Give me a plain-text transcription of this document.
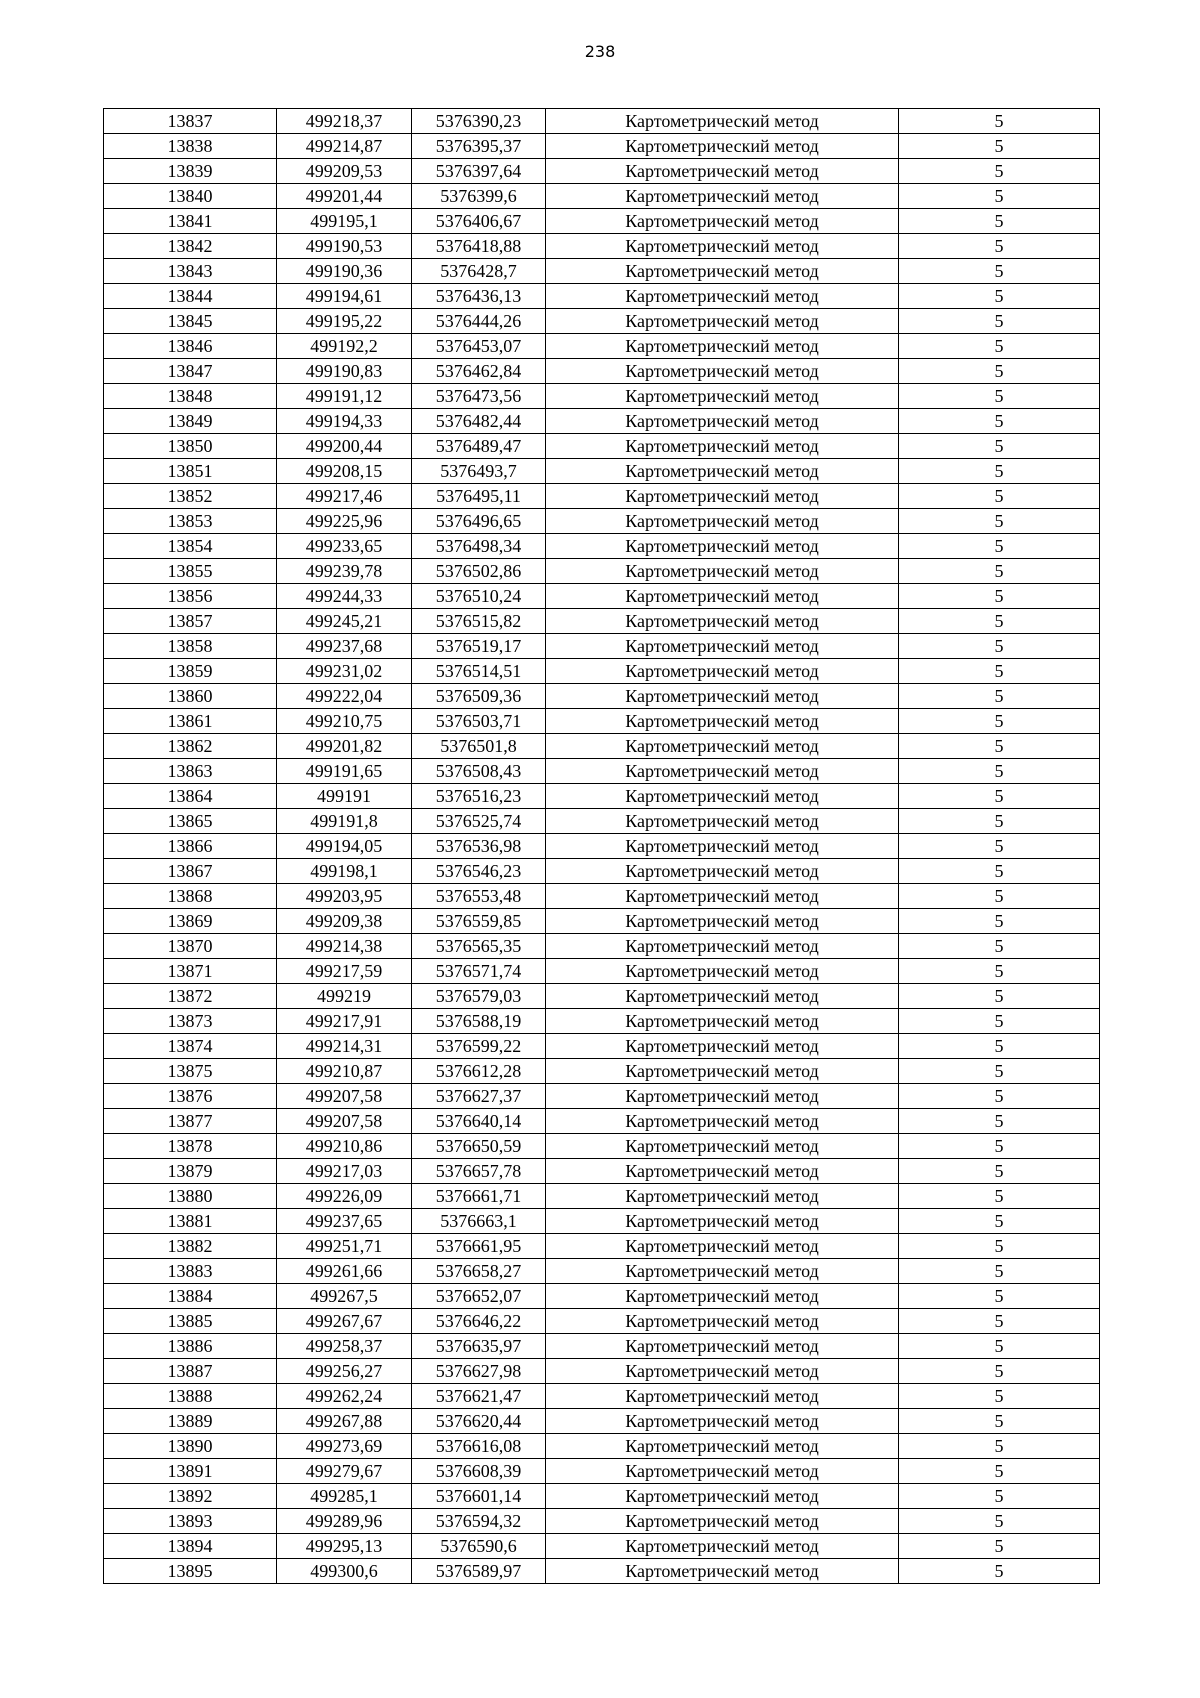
238
13837	499218,37	5376390,23	Картометрический метод	5
13838	499214,87	5376395,37	Картометрический метод	5
13839	499209,53	5376397,64	Картометрический метод	5
13840	499201,44	5376399,6	Картометрический метод	5
13841	499195,1	5376406,67	Картометрический метод	5
13842	499190,53	5376418,88	Картометрический метод	5
13843	499190,36	5376428,7	Картометрический метод	5
13844	499194,61	5376436,13	Картометрический метод	5
13845	499195,22	5376444,26	Картометрический метод	5
13846	499192,2	5376453,07	Картометрический метод	5
13847	499190,83	5376462,84	Картометрический метод	5
13848	499191,12	5376473,56	Картометрический метод	5
13849	499194,33	5376482,44	Картометрический метод	5
13850	499200,44	5376489,47	Картометрический метод	5
13851	499208,15	5376493,7	Картометрический метод	5
13852	499217,46	5376495,11	Картометрический метод	5
13853	499225,96	5376496,65	Картометрический метод	5
13854	499233,65	5376498,34	Картометрический метод	5
13855	499239,78	5376502,86	Картометрический метод	5
13856	499244,33	5376510,24	Картометрический метод	5
13857	499245,21	5376515,82	Картометрический метод	5
13858	499237,68	5376519,17	Картометрический метод	5
13859	499231,02	5376514,51	Картометрический метод	5
13860	499222,04	5376509,36	Картометрический метод	5
13861	499210,75	5376503,71	Картометрический метод	5
13862	499201,82	5376501,8	Картометрический метод	5
13863	499191,65	5376508,43	Картометрический метод	5
13864	499191	5376516,23	Картометрический метод	5
13865	499191,8	5376525,74	Картометрический метод	5
13866	499194,05	5376536,98	Картометрический метод	5
13867	499198,1	5376546,23	Картометрический метод	5
13868	499203,95	5376553,48	Картометрический метод	5
13869	499209,38	5376559,85	Картометрический метод	5
13870	499214,38	5376565,35	Картометрический метод	5
13871	499217,59	5376571,74	Картометрический метод	5
13872	499219	5376579,03	Картометрический метод	5
13873	499217,91	5376588,19	Картометрический метод	5
13874	499214,31	5376599,22	Картометрический метод	5
13875	499210,87	5376612,28	Картометрический метод	5
13876	499207,58	5376627,37	Картометрический метод	5
13877	499207,58	5376640,14	Картометрический метод	5
13878	499210,86	5376650,59	Картометрический метод	5
13879	499217,03	5376657,78	Картометрический метод	5
13880	499226,09	5376661,71	Картометрический метод	5
13881	499237,65	5376663,1	Картометрический метод	5
13882	499251,71	5376661,95	Картометрический метод	5
13883	499261,66	5376658,27	Картометрический метод	5
13884	499267,5	5376652,07	Картометрический метод	5
13885	499267,67	5376646,22	Картометрический метод	5
13886	499258,37	5376635,97	Картометрический метод	5
13887	499256,27	5376627,98	Картометрический метод	5
13888	499262,24	5376621,47	Картометрический метод	5
13889	499267,88	5376620,44	Картометрический метод	5
13890	499273,69	5376616,08	Картометрический метод	5
13891	499279,67	5376608,39	Картометрический метод	5
13892	499285,1	5376601,14	Картометрический метод	5
13893	499289,96	5376594,32	Картометрический метод	5
13894	499295,13	5376590,6	Картометрический метод	5
13895	499300,6	5376589,97	Картометрический метод	5
